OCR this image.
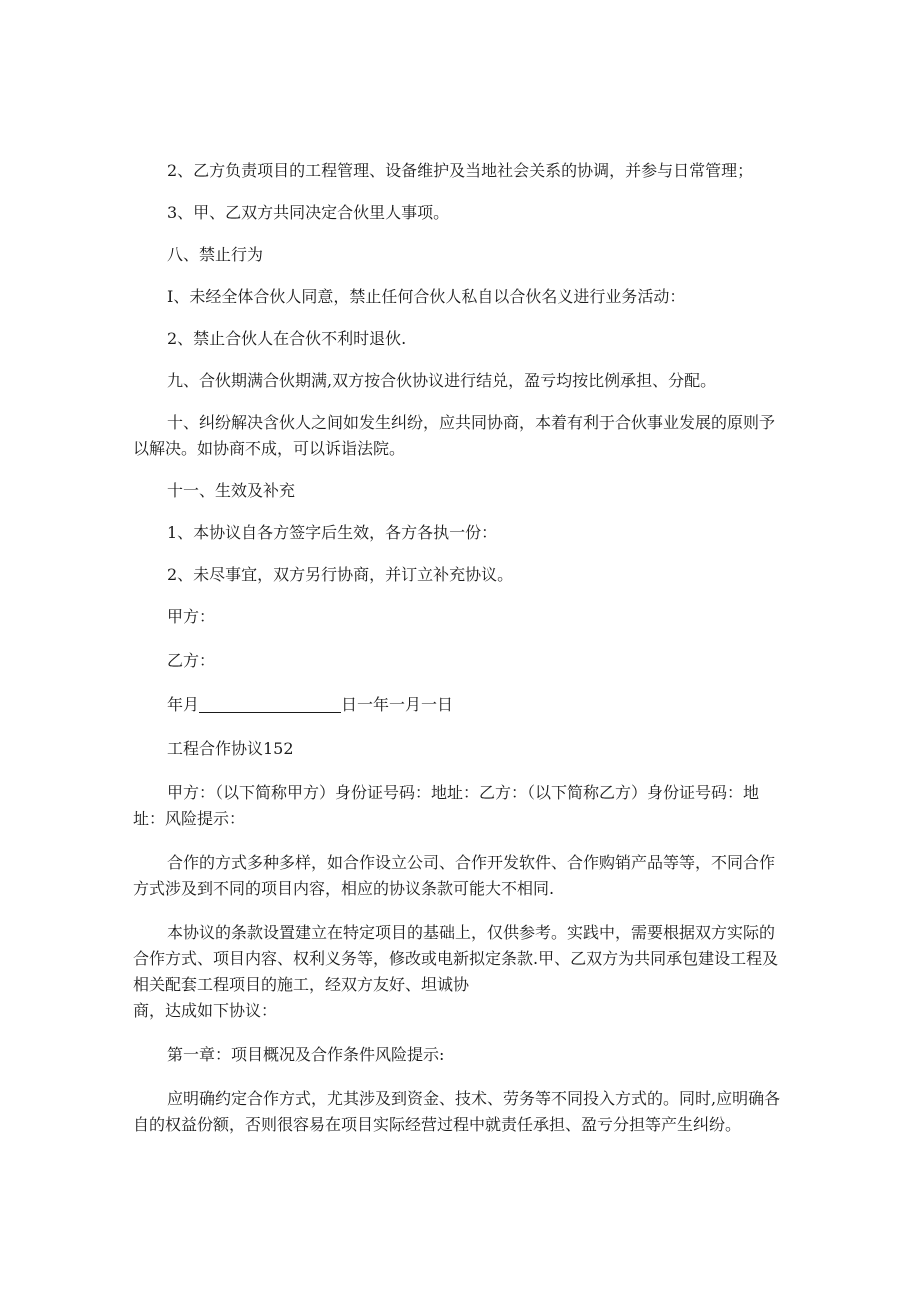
2、乙方负责项目的工程管理、设备维护及当地社会关系的协调，并参与日常管理；

3、甲、乙双方共同决定合伙里人事项。

八、禁止行为

I、未经全体合伙人同意，禁止任何合伙人私自以合伙名义进行业务活动：

2、禁止合伙人在合伙不利时退伙.

九、合伙期满合伙期满,双方按合伙协议进行结兑，盈亏均按比例承担、分配。

十、纠纷解决含伙人之间如发生纠纷，应共同协商，本着有利于合伙事业发展的原则予以解决。如协商不成，可以诉诣法院。

十一、生效及补充

1、本协议自各方签字后生效，各方各执一份：

2、未尽事宜，双方另行协商，并订立补充协议。

甲方：

乙方：

年月	日一年一月一日

工程合作协议152

甲方：（以下简称甲方）身份证号码：地址：乙方：（以下简称乙方）身份证号码：地址：风险提示：

合作的方式多种多样，如合作设立公司、合作开发软件、合作购销产品等等，不同合作方式涉及到不同的项目内容，相应的协议条款可能大不相同.

本协议的条款设置建立在特定项目的基础上，仅供参考。实践中，需要根据双方实际的合作方式、项目内容、权利义务等，修改或电新拟定条款.甲、乙双方为共同承包建设工程及相关配套工程项目的施工，经双方友好、坦诚协

商，达成如下协议：

第一章：项目概况及合作条件风险提示:

应明确约定合作方式，尤其涉及到资金、技术、劳务等不同投入方式的。同时,应明确各自的权益份额，否则很容易在项目实际经营过程中就责任承担、盈亏分担等产生纠纷。
